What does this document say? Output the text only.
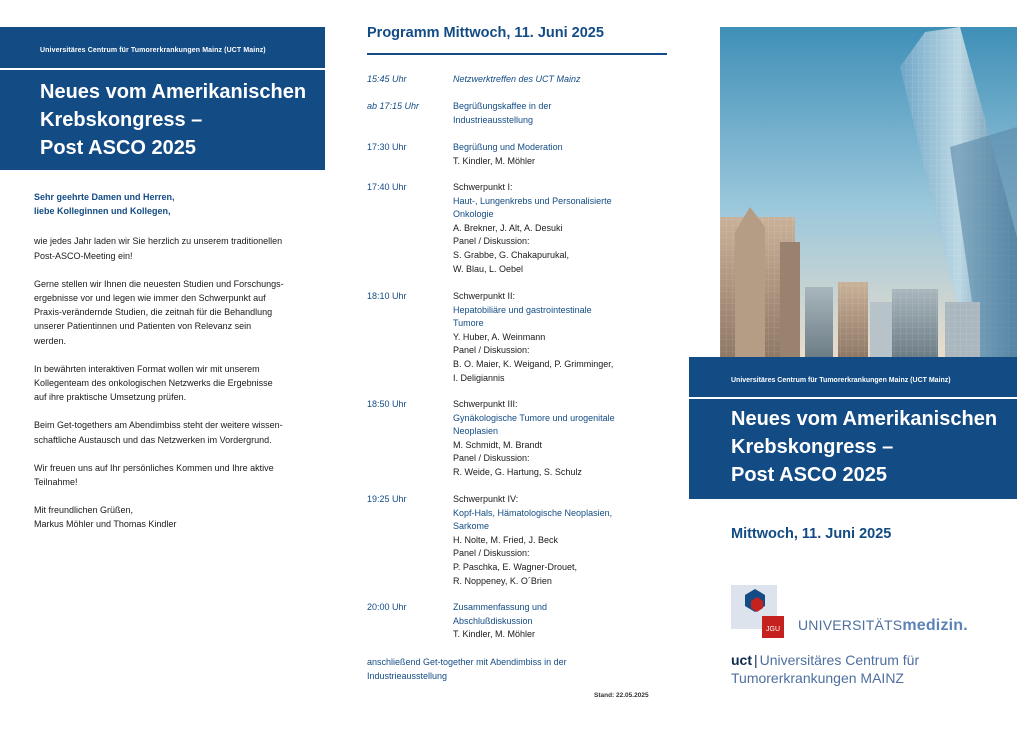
Universitäres Centrum für Tumorerkrankungen Mainz (UCT Mainz)
Neues vom Amerikanischen
Krebskongress –
Post ASCO 2025
Sehr geehrte Damen und Herren,
liebe Kolleginnen und Kollegen,

wie jedes Jahr laden wir Sie herzlich zu unserem traditionellen
Post-ASCO-Meeting ein!

Gerne stellen wir Ihnen die neuesten Studien und Forschungs-
ergebnisse vor und legen wie immer den Schwerpunkt auf
Praxis-verändernde Studien, die zeitnah für die Behandlung
unserer Patientinnen und Patienten von Relevanz sein
werden.

In bewährten interaktiven Format wollen wir mit unserem
Kollegenteam des onkologischen Netzwerks die Ergebnisse
auf ihre praktische Umsetzung prüfen.

Beim Get-togethers am Abendimbiss steht der weitere wissen-
schaftliche Austausch und das Netzwerken im Vordergrund.

Wir freuen uns auf Ihr persönliches Kommen und Ihre aktive
Teilnahme!

Mit freundlichen Grüßen,
Markus Möhler und Thomas Kindler

Programm Mittwoch, 11. Juni 2025
15:45 Uhr	Netzwerktreffen des UCT Mainz
ab 17:15 Uhr	Begrüßungskaffee in der
Industrieausstellung
17:30 Uhr	Begrüßung und Moderation
T. Kindler, M. Möhler
17:40 Uhr	Schwerpunkt I:
Haut-, Lungenkrebs und Personalisierte
Onkologie
A. Brekner, J. Alt, A. Desuki
Panel / Diskussion:
S. Grabbe, G. Chakapurukal,
W. Blau, L. Oebel
18:10 Uhr	Schwerpunkt II:
Hepatobiliäre und gastrointestinale
Tumore
Y. Huber, A. Weinmann
Panel / Diskussion:
B. O. Maier, K. Weigand, P. Grimminger,
I. Deligiannis
18:50 Uhr	Schwerpunkt III:
Gynäkologische Tumore und urogenitale
Neoplasien
M. Schmidt, M. Brandt
Panel / Diskussion:
R. Weide, G. Hartung, S. Schulz
19:25 Uhr	Schwerpunkt IV:
Kopf-Hals, Hämatologische Neoplasien,
Sarkome
H. Nolte, M. Fried, J. Beck
Panel / Diskussion:
P. Paschka, E. Wagner-Drouet,
R. Noppeney, K. O´Brien
20:00 Uhr	Zusammenfassung und
Abschlußdiskussion
T. Kindler, M. Möhler
anschließend Get-together mit Abendimbiss in der
Industrieausstellung
Stand: 22.05.2025
Universitäres Centrum für Tumorerkrankungen Mainz (UCT Mainz)
Neues vom Amerikanischen
Krebskongress –
Post ASCO 2025
Mittwoch, 11. Juni 2025
JGU UNIVERSITÄTSmedizin.
uct | Universitäres Centrum für
Tumorerkrankungen MAINZ
